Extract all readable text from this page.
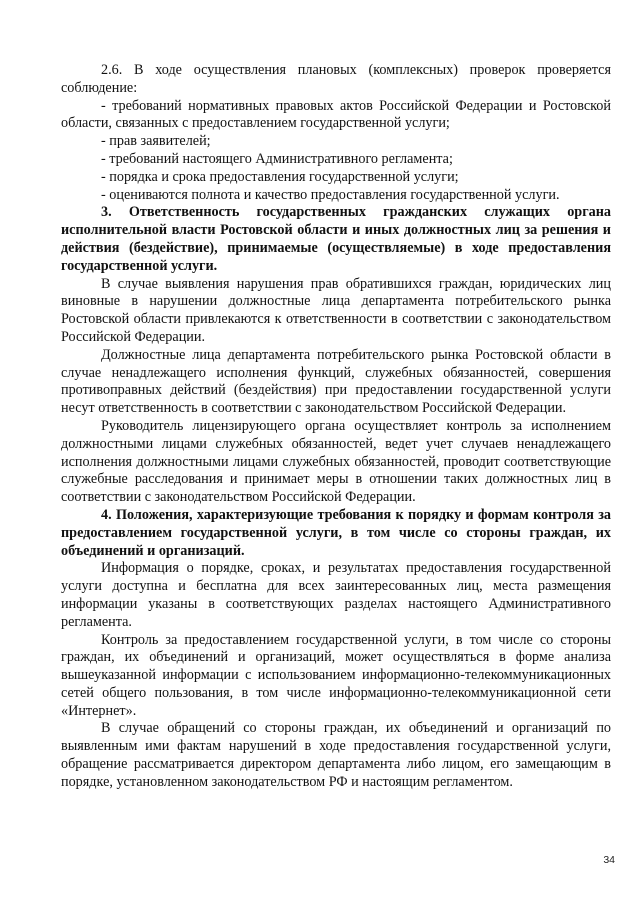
2.6. В ходе осуществления плановых (комплексных) проверок проверяется соблюдение:

- требований нормативных правовых актов Российской Федерации и Ростовской области, связанных с предоставлением государственной услуги;

- прав заявителей;

- требований настоящего Административного регламента;

- порядка и срока предоставления государственной услуги;

- оцениваются полнота и качество предоставления государственной услуги.

3. Ответственность государственных гражданских служащих органа исполнительной власти Ростовской области и иных должностных лиц за решения и действия (бездействие), принимаемые (осуществляемые) в ходе предоставления государственной услуги.

В случае выявления нарушения прав обратившихся граждан, юридических лиц виновные в нарушении должностные лица департамента потребительского рынка Ростовской области привлекаются к ответственности в соответствии с законодательством Российской Федерации.

Должностные лица департамента потребительского рынка Ростовской области в случае ненадлежащего исполнения функций, служебных обязанностей, совершения противоправных действий (бездействия) при предоставлении государственной услуги несут ответственность в соответствии с законодательством Российской Федерации.

Руководитель лицензирующего органа осуществляет контроль за исполнением должностными лицами служебных обязанностей, ведет учет случаев ненадлежащего исполнения должностными лицами служебных обязанностей, проводит соответствующие служебные расследования и принимает меры в отношении таких должностных лиц в соответствии с законодательством Российской Федерации.

4. Положения, характеризующие требования к порядку и формам контроля за предоставлением государственной услуги, в том числе со стороны граждан, их объединений и организаций.

Информация о порядке, сроках, и результатах предоставления государственной услуги доступна и бесплатна для всех заинтересованных лиц, места размещения информации указаны в соответствующих разделах настоящего Административного регламента.

Контроль за предоставлением государственной услуги, в том числе со стороны граждан, их объединений и организаций, может осуществляться в форме анализа вышеуказанной информации с использованием информационно-телекоммуникационных сетей общего пользования, в том числе информационно-телекоммуникационной сети «Интернет».

В случае обращений со стороны граждан, их объединений и организаций по выявленным ими фактам нарушений в ходе предоставления государственной услуги, обращение рассматривается директором департамента либо лицом, его замещающим в порядке, установленном законодательством РФ и настоящим регламентом.

34
